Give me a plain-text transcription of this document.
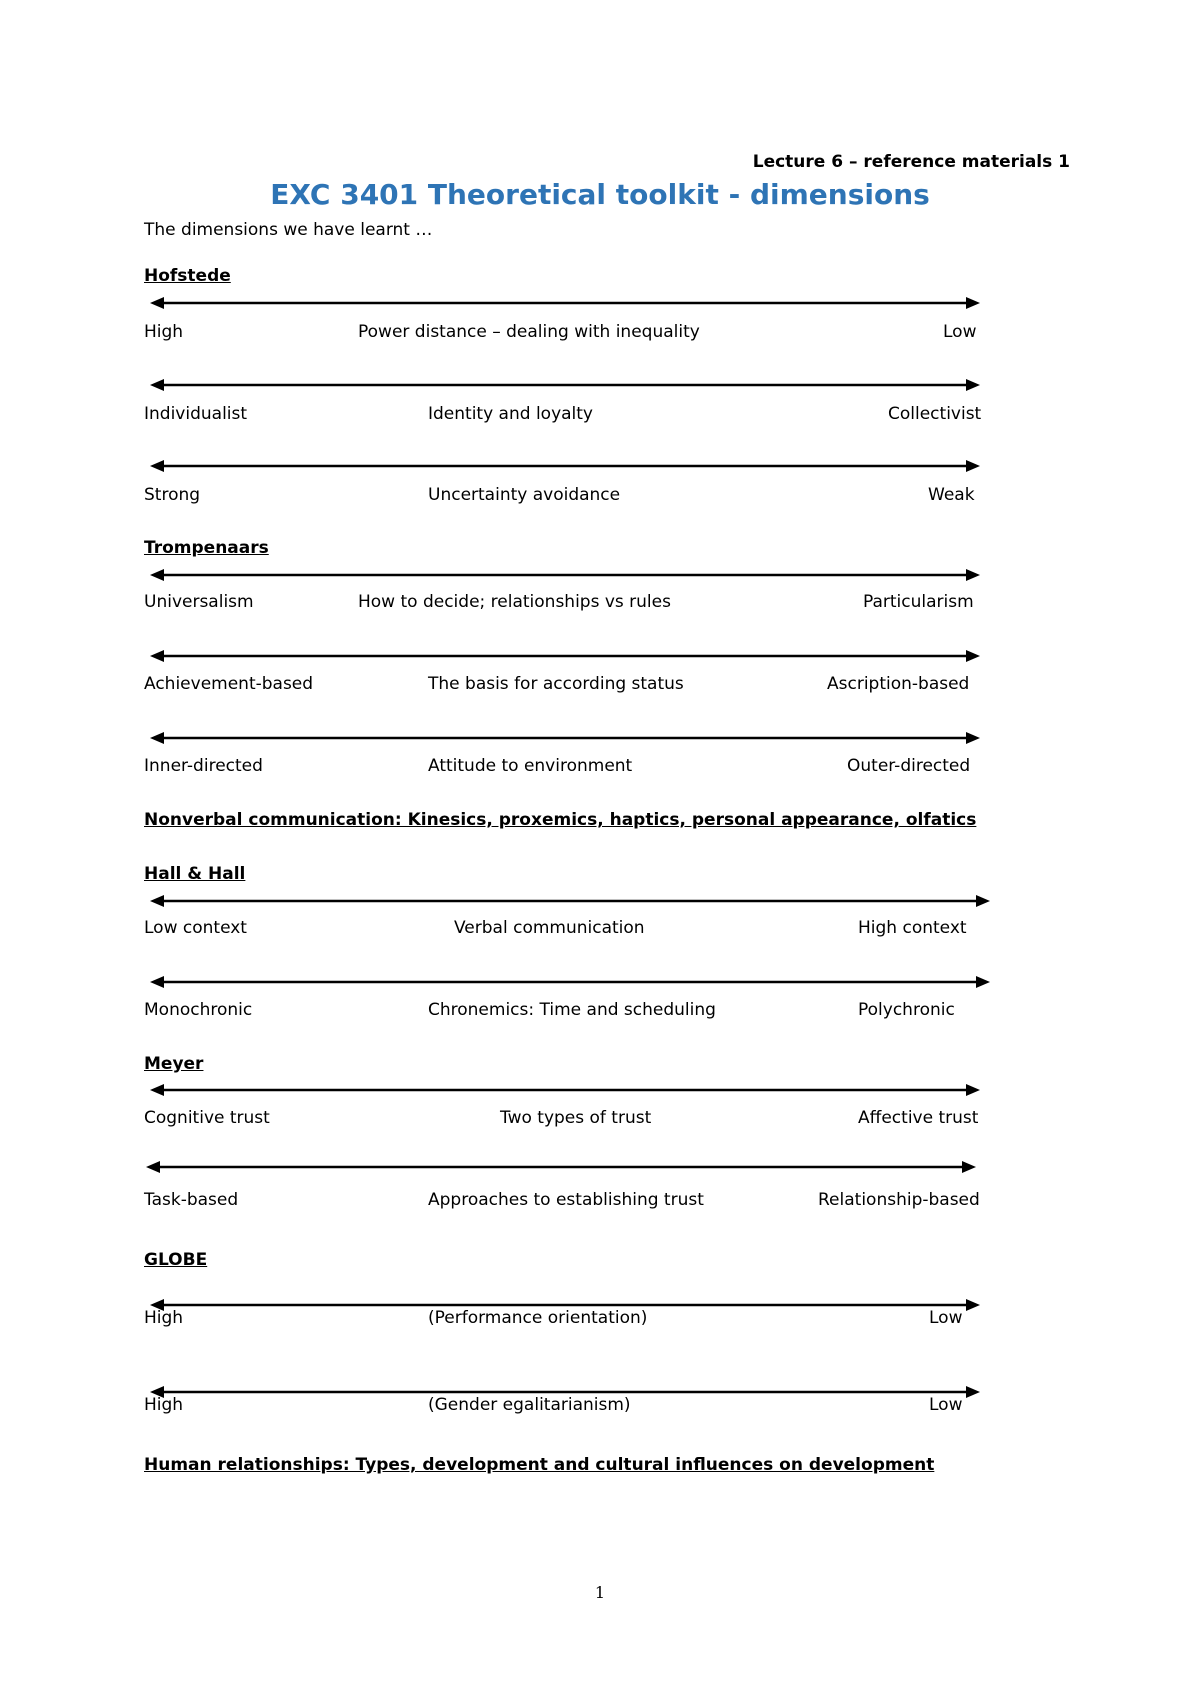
Lecture 6 – reference materials 1
EXC 3401 Theoretical toolkit - dimensions
The dimensions we have learnt …
Hofstede
High	Power distance – dealing with inequality	Low
Individualist	Identity and loyalty	Collectivist
Strong	Uncertainty avoidance	Weak
Trompenaars
Universalism	How to decide; relationships vs rules	Particularism
Achievement-based	The basis for according status	Ascription-based
Inner-directed	Attitude to environment	Outer-directed
Nonverbal communication: Kinesics, proxemics, haptics, personal appearance, olfatics
Hall & Hall
Low context	Verbal communication	High context
Monochronic	Chronemics: Time and scheduling	Polychronic
Meyer
Cognitive trust	Two types of trust	Affective trust
Task-based	Approaches to establishing trust	Relationship-based
GLOBE
High	(Performance orientation)	Low
High	(Gender egalitarianism)	Low
Human relationships: Types, development and cultural influences on development
1
